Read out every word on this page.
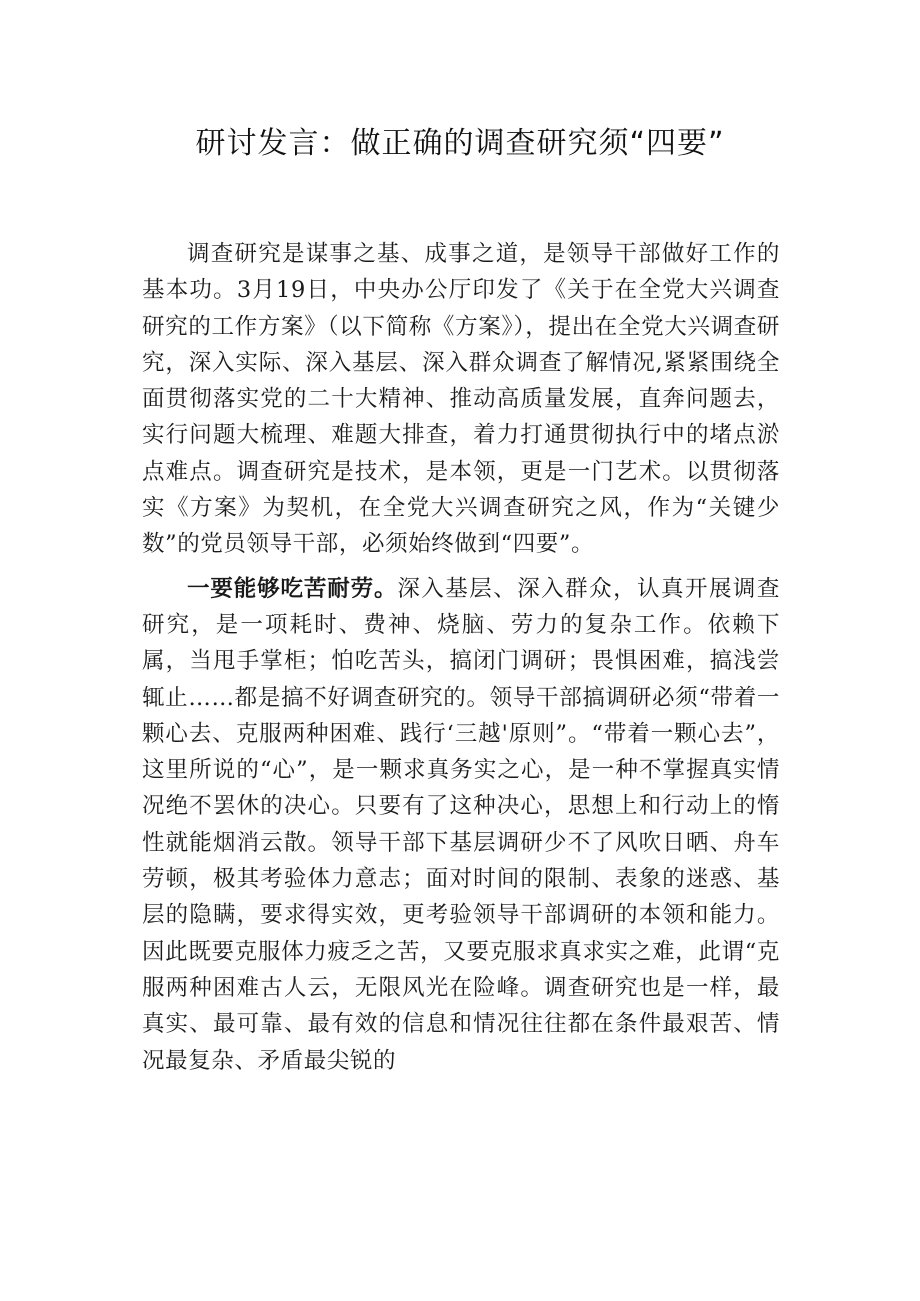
研讨发言：做正确的调查研究须“四要”

调查研究是谋事之基、成事之道，是领导干部做好工作的基本功。3月19日，中央办公厅印发了《关于在全党大兴调查研究的工作方案》（以下简称《方案》），提出在全党大兴调查研究，深入实际、深入基层、深入群众调查了解情况,紧紧围绕全面贯彻落实党的二十大精神、推动高质量发展，直奔问题去，实行问题大梳理、难题大排查，着力打通贯彻执行中的堵点淤点难点。调查研究是技术，是本领，更是一门艺术。以贯彻落实《方案》为契机，在全党大兴调查研究之风，作为“关键少数”的党员领导干部，必须始终做到“四要”。

一要能够吃苦耐劳。深入基层、深入群众，认真开展调查研究，是一项耗时、费神、烧脑、劳力的复杂工作。依赖下属，当甩手掌柜；怕吃苦头，搞闭门调研；畏惧困难，搞浅尝辄止……都是搞不好调查研究的。领导干部搞调研必须“带着一颗心去、克服两种困难、践行‘三越'原则”。“带着一颗心去”，这里所说的“心”，是一颗求真务实之心，是一种不掌握真实情况绝不罢休的决心。只要有了这种决心，思想上和行动上的惰性就能烟消云散。领导干部下基层调研少不了风吹日晒、舟车劳顿，极其考验体力意志；面对时间的限制、表象的迷惑、基层的隐瞒，要求得实效，更考验领导干部调研的本领和能力。因此既要克服体力疲乏之苦，又要克服求真求实之难，此谓“克服两种困难古人云，无限风光在险峰。调查研究也是一样，最真实、最可靠、最有效的信息和情况往往都在条件最艰苦、情况最复杂、矛盾最尖锐的
